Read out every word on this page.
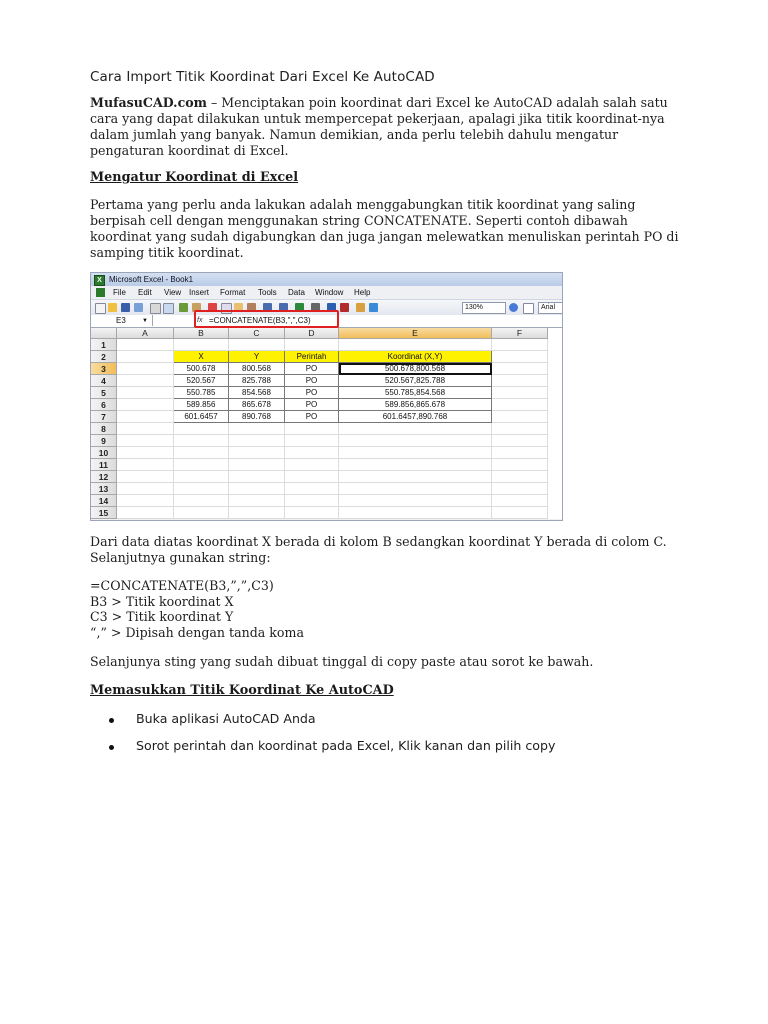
Cara Import Titik Koordinat Dari Excel Ke AutoCAD
MufasuCAD.com – Menciptakan poin koordinat dari Excel ke AutoCAD adalah salah satu cara yang dapat dilakukan untuk mempercepat pekerjaan, apalagi jika titik koordinat-nya dalam jumlah yang banyak. Namun demikian, anda perlu telebih dahulu mengatur pengaturan koordinat di Excel.
Mengatur Koordinat di Excel
Pertama yang perlu anda lakukan adalah menggabungkan titik koordinat yang saling berpisah cell dengan menggunakan string CONCATENATE. Seperti contoh dibawah koordinat yang sudah digabungkan dan juga jangan melewatkan menuliskan perintah PO di samping titik koordinat.
X Microsoft Excel - Book1
File Edit View Insert Format Tools Data Window Help
130%	Arial
E3	▼	fx =CONCATENATE(B3,",",C3)
A	B	C	D	E	F
1
2	X	Y	Perintah	Koordinat (X,Y)
3	500.678	800.568	PO	500.678,800.568
4	520.567	825.788	PO	520.567,825.788
5	550.785	854.568	PO	550.785,854.568
6	589.856	865.678	PO	589.856,865.678
7	601.6457	890.768	PO	601.6457,890.768
8
9
10
11
12
13
14
15
Dari data diatas koordinat X berada di kolom B sedangkan koordinat Y berada di colom C. Selanjutnya gunakan string:
=CONCATENATE(B3,”,”,C3)
B3 > Titik koordinat X
C3 > Titik koordinat Y
“,” > Dipisah dengan tanda koma
Selanjunya sting yang sudah dibuat tinggal di copy paste atau sorot ke bawah.
Memasukkan Titik Koordinat Ke AutoCAD
Buka aplikasi AutoCAD Anda
Sorot perintah dan koordinat pada Excel, Klik kanan dan pilih copy
